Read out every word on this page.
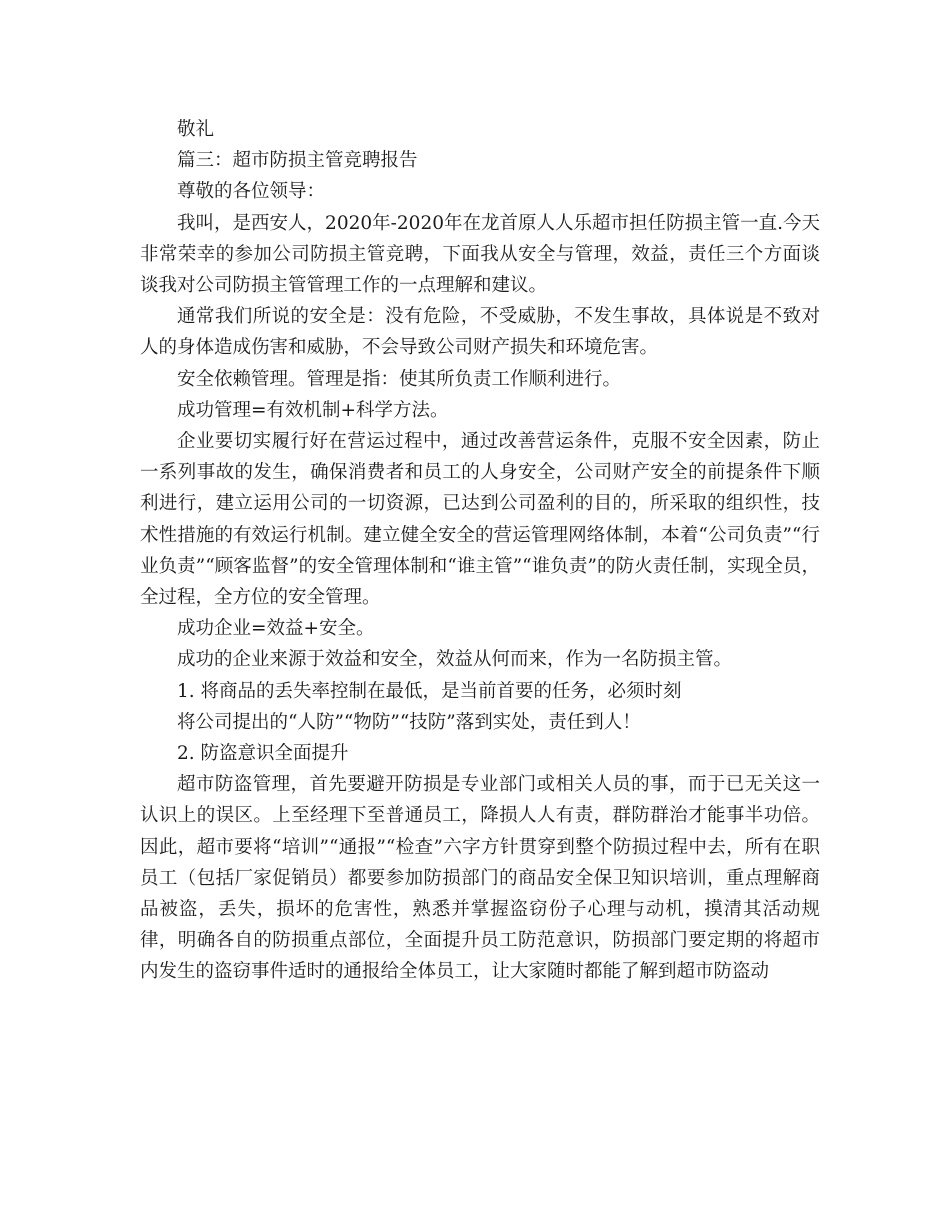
敬礼

篇三：超市防损主管竞聘报告

尊敬的各位领导：

我叫，是西安人，2020年-2020年在龙首原人人乐超市担任防损主管一直.今天非常荣幸的参加公司防损主管竞聘，下面我从安全与管理，效益，责任三个方面谈谈我对公司防损主管管理工作的一点理解和建议。

通常我们所说的安全是：没有危险，不受威胁，不发生事故，具体说是不致对人的身体造成伤害和威胁，不会导致公司财产损失和环境危害。

安全依赖管理。管理是指：使其所负责工作顺利进行。

成功管理=有效机制+科学方法。

企业要切实履行好在营运过程中，通过改善营运条件，克服不安全因素，防止一系列事故的发生，确保消费者和员工的人身安全，公司财产安全的前提条件下顺利进行，建立运用公司的一切资源，已达到公司盈利的目的，所采取的组织性，技术性措施的有效运行机制。建立健全安全的营运管理网络体制，本着“公司负责”“行业负责”“顾客监督”的安全管理体制和“谁主管”“谁负责”的防火责任制，实现全员，全过程，全方位的安全管理。

成功企业=效益+安全。

成功的企业来源于效益和安全，效益从何而来，作为一名防损主管。

1. 将商品的丢失率控制在最低，是当前首要的任务，必须时刻

将公司提出的“人防”“物防”“技防”落到实处，责任到人！

2. 防盗意识全面提升

超市防盗管理，首先要避开防损是专业部门或相关人员的事，而于已无关这一认识上的误区。上至经理下至普通员工，降损人人有责，群防群治才能事半功倍。因此，超市要将“培训”“通报”“检查”六字方针贯穿到整个防损过程中去，所有在职员工（包括厂家促销员）都要参加防损部门的商品安全保卫知识培训，重点理解商品被盗，丢失，损坏的危害性，熟悉并掌握盗窃份子心理与动机，摸清其活动规律，明确各自的防损重点部位，全面提升员工防范意识，防损部门要定期的将超市内发生的盗窃事件适时的通报给全体员工，让大家随时都能了解到超市防盗动
